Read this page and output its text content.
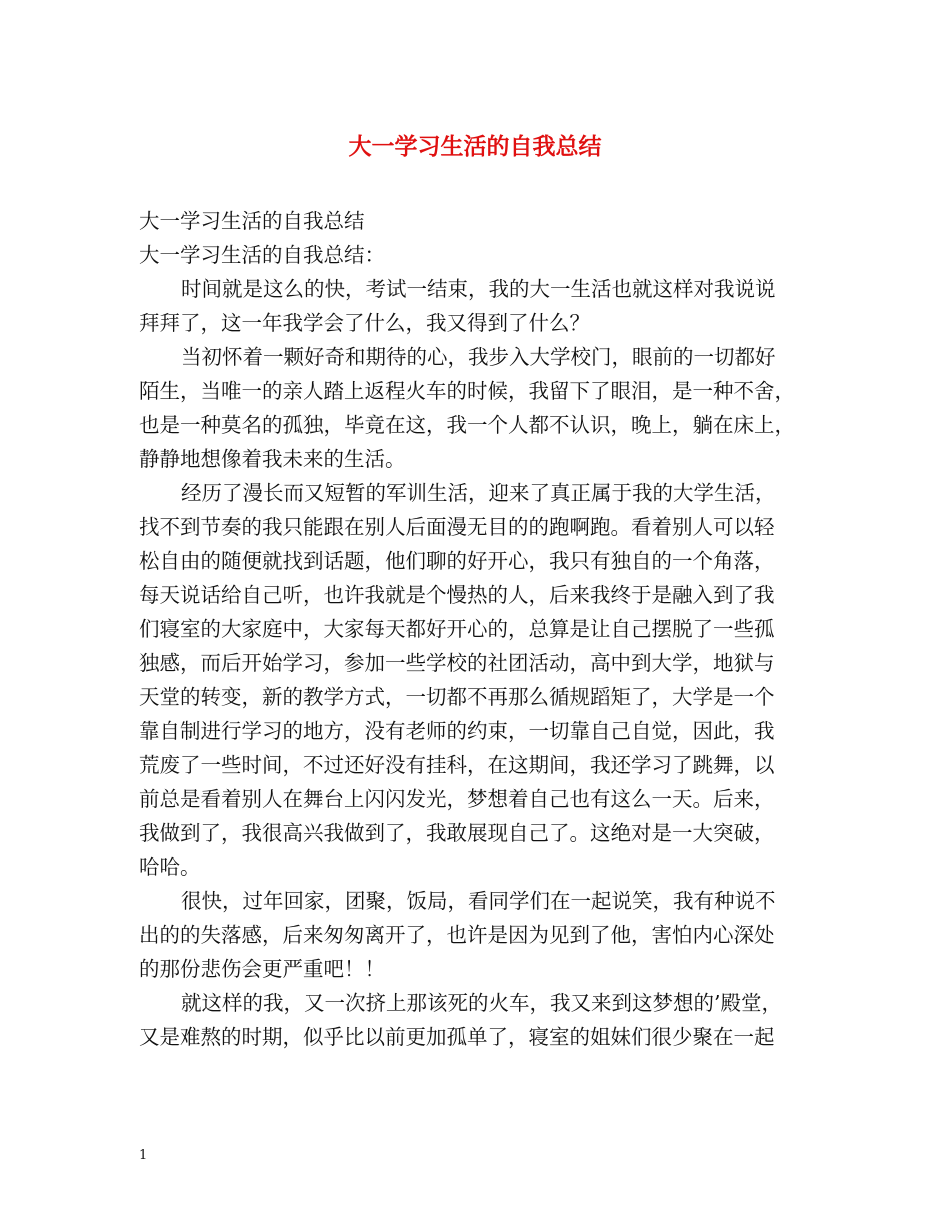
大一学习生活的自我总结
大一学习生活的自我总结
大一学习生活的自我总结：
时间就是这么的快，考试一结束，我的大一生活也就这样对我说说
拜拜了，这一年我学会了什么，我又得到了什么？
当初怀着一颗好奇和期待的心，我步入大学校门，眼前的一切都好
陌生，当唯一的亲人踏上返程火车的时候，我留下了眼泪，是一种不舍，
也是一种莫名的孤独，毕竟在这，我一个人都不认识，晚上，躺在床上，
静静地想像着我未来的生活。
经历了漫长而又短暂的军训生活，迎来了真正属于我的大学生活，
找不到节奏的我只能跟在别人后面漫无目的的跑啊跑。看着别人可以轻
松自由的随便就找到话题，他们聊的好开心，我只有独自的一个角落，
每天说话给自己听，也许我就是个慢热的人，后来我终于是融入到了我
们寝室的大家庭中，大家每天都好开心的，总算是让自己摆脱了一些孤
独感，而后开始学习，参加一些学校的社团活动，高中到大学，地狱与
天堂的转变，新的教学方式，一切都不再那么循规蹈矩了，大学是一个
靠自制进行学习的地方，没有老师的约束，一切靠自己自觉，因此，我
荒废了一些时间，不过还好没有挂科，在这期间，我还学习了跳舞，以
前总是看着别人在舞台上闪闪发光，梦想着自己也有这么一天。后来，
我做到了，我很高兴我做到了，我敢展现自己了。这绝对是一大突破，
哈哈。
很快，过年回家，团聚，饭局，看同学们在一起说笑，我有种说不
出的的失落感，后来匆匆离开了，也许是因为见到了他，害怕内心深处
的那份悲伤会更严重吧！！
就这样的我，又一次挤上那该死的火车，我又来到这梦想的’殿堂，
又是难熬的时期，似乎比以前更加孤单了，寝室的姐妹们很少聚在一起
1
